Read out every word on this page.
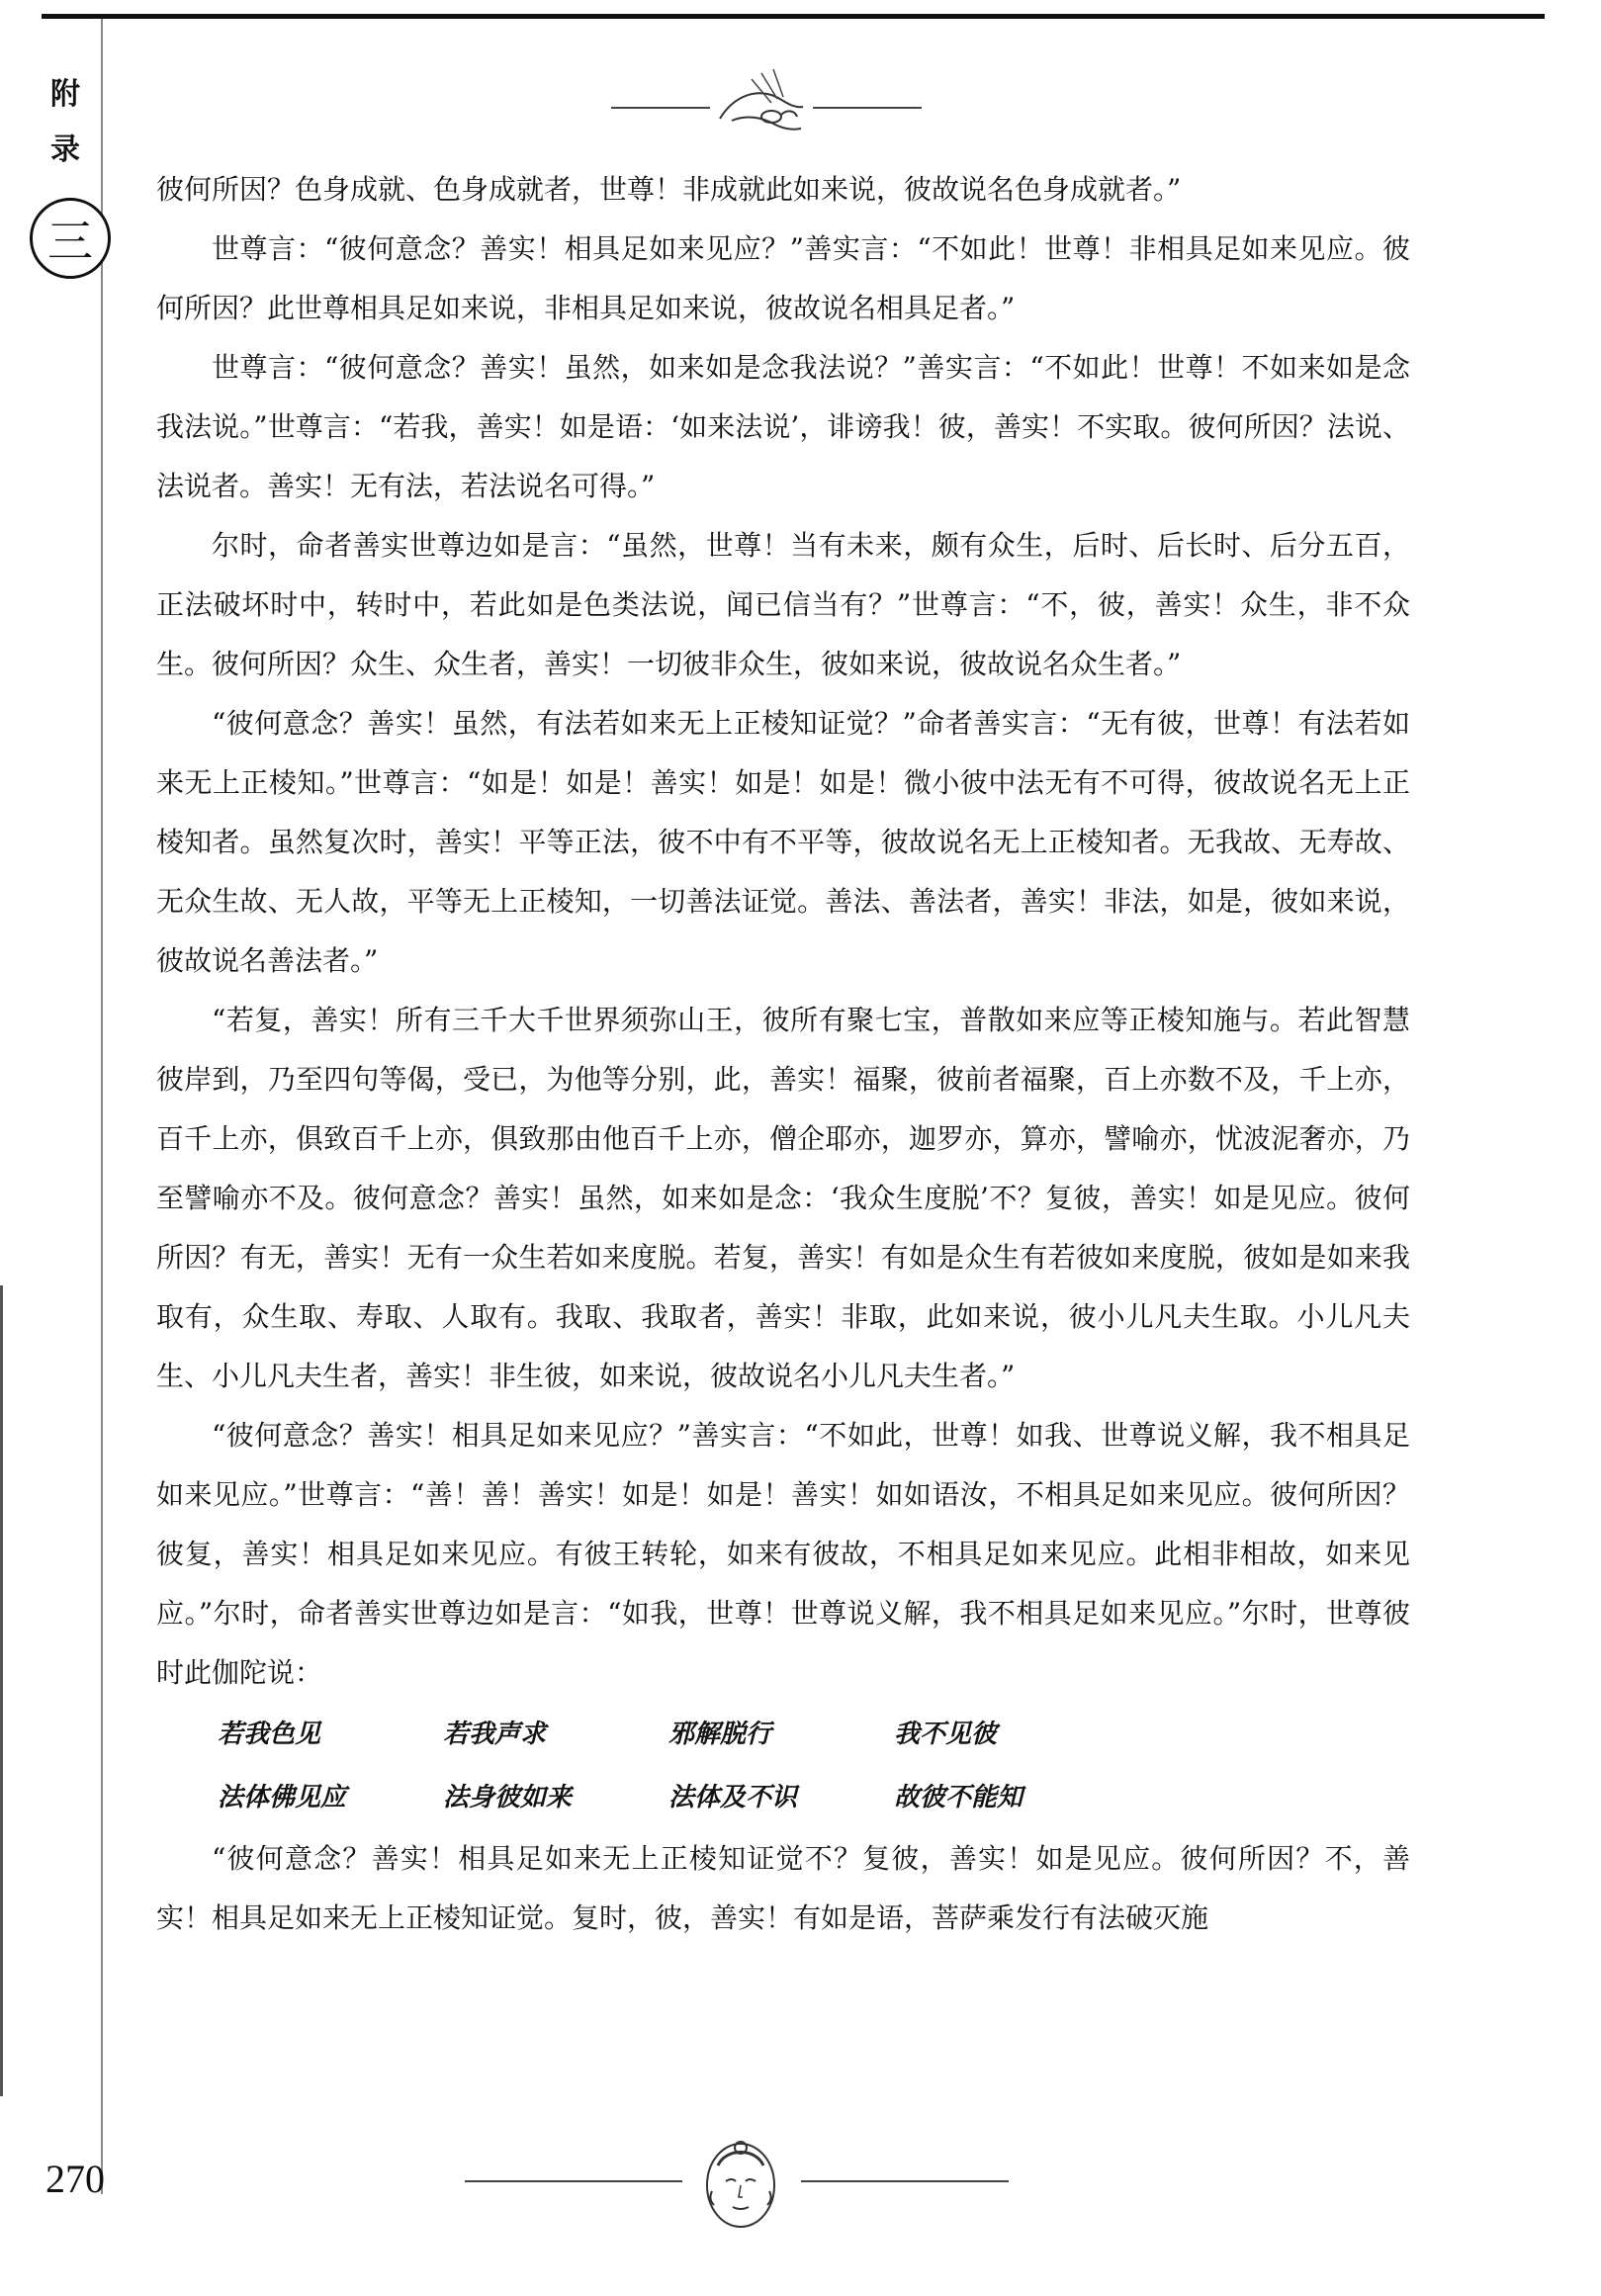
附
录
三

彼何所因？色身成就、色身成就者，世尊！非成就此如来说，彼故说名色身成就者。”

世尊言：“彼何意念？善实！相具足如来见应？”善实言：“不如此！世尊！非相具足如来见应。彼何所因？此世尊相具足如来说，非相具足如来说，彼故说名相具足者。”

世尊言：“彼何意念？善实！虽然，如来如是念我法说？”善实言：“不如此！世尊！不如来如是念我法说。”世尊言：“若我，善实！如是语：‘如来法说’，诽谤我！彼，善实！不实取。彼何所因？法说、法说者。善实！无有法，若法说名可得。”

尔时，命者善实世尊边如是言：“虽然，世尊！当有未来，颇有众生，后时、后长时、后分五百，正法破坏时中，转时中，若此如是色类法说，闻已信当有？”世尊言：“不，彼，善实！众生，非不众生。彼何所因？众生、众生者，善实！一切彼非众生，彼如来说，彼故说名众生者。”

“彼何意念？善实！虽然，有法若如来无上正棱知证觉？”命者善实言：“无有彼，世尊！有法若如来无上正棱知。”世尊言：“如是！如是！善实！如是！如是！微小彼中法无有不可得，彼故说名无上正棱知者。虽然复次时，善实！平等正法，彼不中有不平等，彼故说名无上正棱知者。无我故、无寿故、无众生故、无人故，平等无上正棱知，一切善法证觉。善法、善法者，善实！非法，如是，彼如来说，彼故说名善法者。”

“若复，善实！所有三千大千世界须弥山王，彼所有聚七宝，普散如来应等正棱知施与。若此智慧彼岸到，乃至四句等偈，受已，为他等分别，此，善实！福聚，彼前者福聚，百上亦数不及，千上亦，百千上亦，俱致百千上亦，俱致那由他百千上亦，僧企耶亦，迦罗亦，算亦，譬喻亦，忧波泥奢亦，乃至譬喻亦不及。彼何意念？善实！虽然，如来如是念：‘我众生度脱’不？复彼，善实！如是见应。彼何所因？有无，善实！无有一众生若如来度脱。若复，善实！有如是众生有若彼如来度脱，彼如是如来我取有，众生取、寿取、人取有。我取、我取者，善实！非取，此如来说，彼小儿凡夫生取。小儿凡夫生、小儿凡夫生者，善实！非生彼，如来说，彼故说名小儿凡夫生者。”

“彼何意念？善实！相具足如来见应？”善实言：“不如此，世尊！如我、世尊说义解，我不相具足如来见应。”世尊言：“善！善！善实！如是！如是！善实！如如语汝，不相具足如来见应。彼何所因？彼复，善实！相具足如来见应。有彼王转轮，如来有彼故，不相具足如来见应。此相非相故，如来见应。”尔时，命者善实世尊边如是言：“如我，世尊！世尊说义解，我不相具足如来见应。”尔时，世尊彼时此伽陀说：

若我色见	若我声求	邪解脱行	我不见彼
法体佛见应	法身彼如来	法体及不识	故彼不能知

“彼何意念？善实！相具足如来无上正棱知证觉不？复彼，善实！如是见应。彼何所因？不，善实！相具足如来无上正棱知证觉。复时，彼，善实！有如是语，菩萨乘发行有法破灭施

270
